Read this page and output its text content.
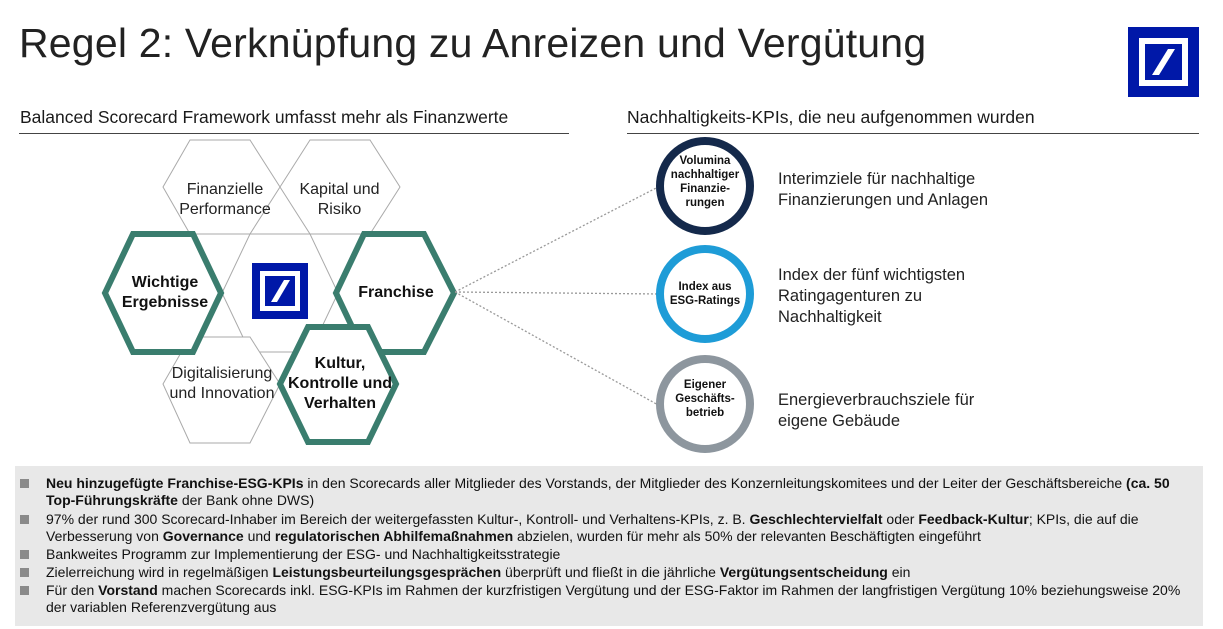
Regel 2: Verknüpfung zu Anreizen und Vergütung
Balanced Scorecard Framework umfasst mehr als Finanzwerte	Nachhaltigkeits-KPIs, die neu aufgenommen wurden
Finanzielle Performance
Kapital und Risiko
Wichtige Ergebnisse
Franchise
Digitalisierung und Innovation
Kultur, Kontrolle und Verhalten
Volumina nachhaltiger Finanzie-rungen
Index aus ESG-Ratings
Eigener Geschäfts-betrieb
Interimziele für nachhaltige Finanzierungen und Anlagen
Index der fünf wichtigsten Ratingagenturen zu Nachhaltigkeit
Energieverbrauchsziele für eigene Gebäude
Neu hinzugefügte Franchise-ESG-KPIs in den Scorecards aller Mitglieder des Vorstands, der Mitglieder des Konzernleitungskomitees und der Leiter der Geschäftsbereiche (ca. 50 Top-Führungskräfte der Bank ohne DWS)
97% der rund 300 Scorecard-Inhaber im Bereich der weitergefassten Kultur-, Kontroll- und Verhaltens-KPIs, z. B. Geschlechtervielfalt oder Feedback-Kultur; KPIs, die auf die Verbesserung von Governance und regulatorischen Abhilfemaßnahmen abzielen, wurden für mehr als 50% der relevanten Beschäftigten eingeführt
Bankweites Programm zur Implementierung der ESG- und Nachhaltigkeitsstrategie
Zielerreichung wird in regelmäßigen Leistungsbeurteilungsgesprächen überprüft und fließt in die jährliche Vergütungsentscheidung ein
Für den Vorstand machen Scorecards inkl. ESG-KPIs im Rahmen der kurzfristigen Vergütung und der ESG-Faktor im Rahmen der langfristigen Vergütung 10% beziehungsweise 20% der variablen Referenzvergütung aus
